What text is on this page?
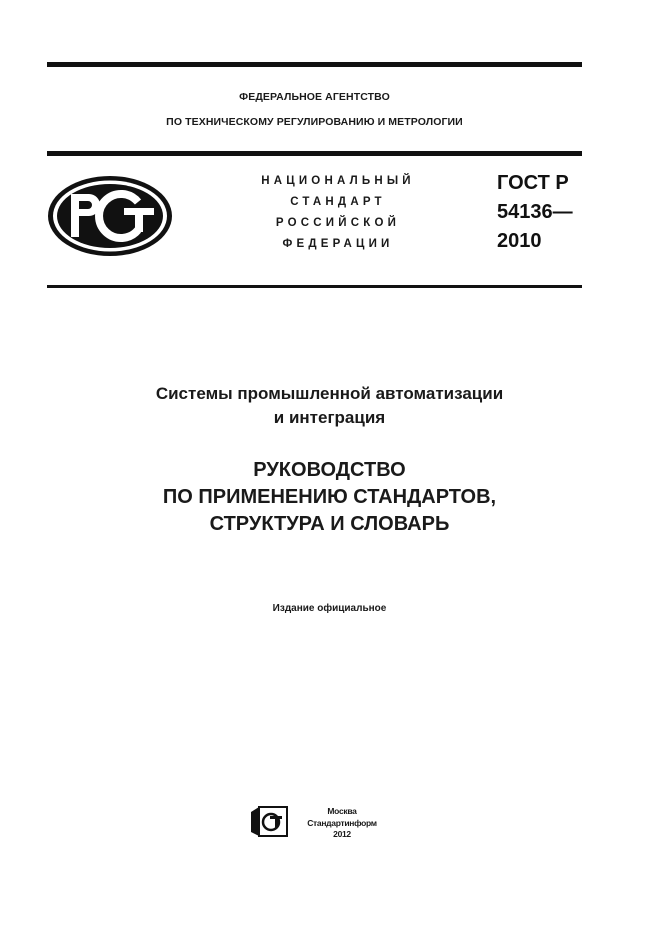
ФЕДЕРАЛЬНОЕ АГЕНТСТВО
ПО ТЕХНИЧЕСКОМУ РЕГУЛИРОВАНИЮ И МЕТРОЛОГИИ
НАЦИОНАЛЬНЫЙ
СТАНДАРТ
РОССИЙСКОЙ
ФЕДЕРАЦИИ
ГОСТ Р
54136—
2010
Системы промышленной автоматизации
и интеграция
РУКОВОДСТВО
ПО ПРИМЕНЕНИЮ СТАНДАРТОВ,
СТРУКТУРА И СЛОВАРЬ
Издание официальное
Москва
Стандартинформ
2012
